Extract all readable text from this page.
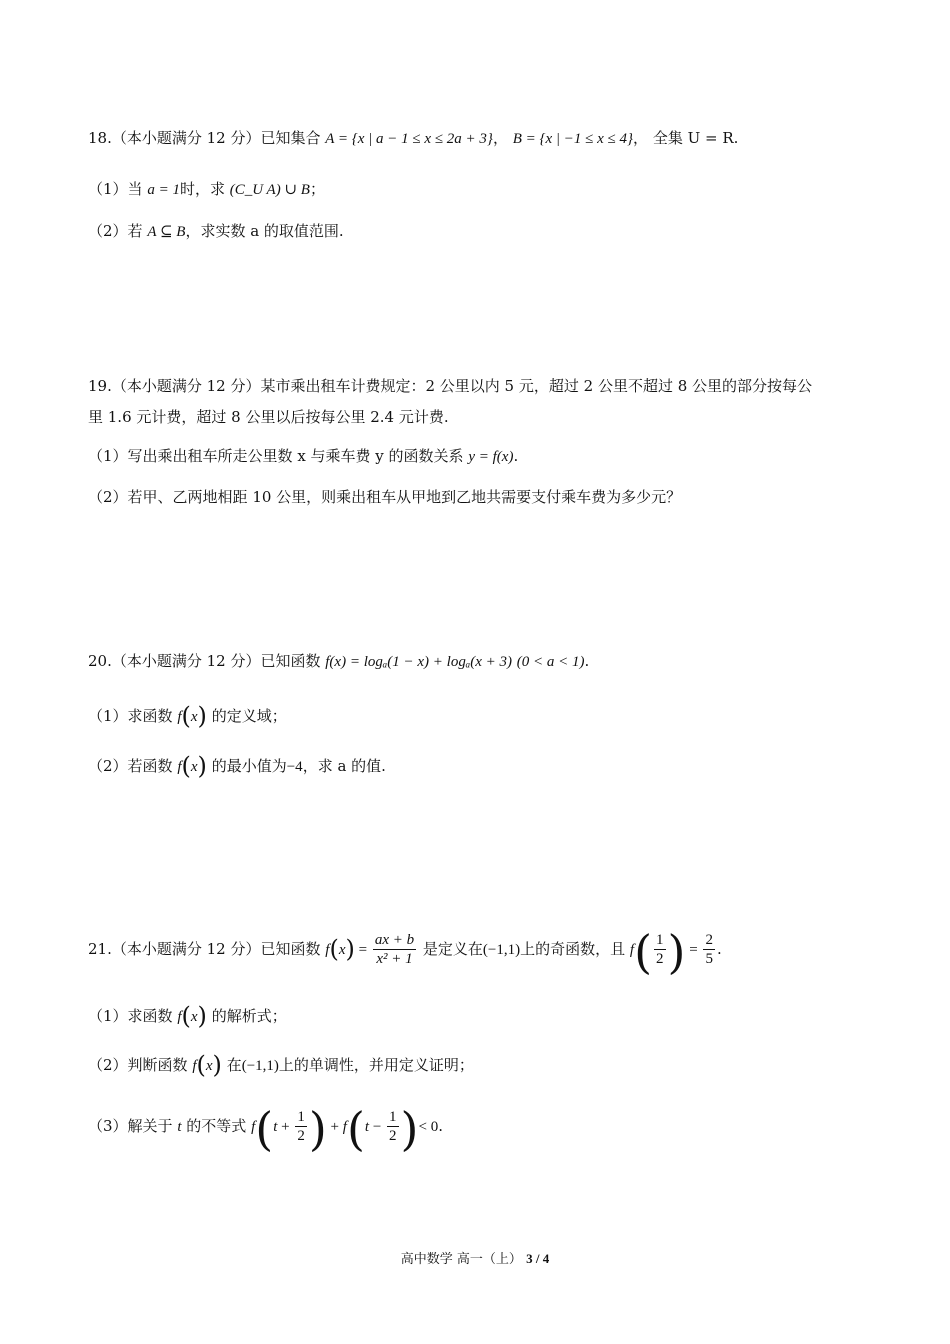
18.（本小题满分 12 分）已知集合 A = {x | a − 1 ≤ x ≤ 2a + 3}， B = {x | −1 ≤ x ≤ 4}， 全集 U = R.
（1）当 a = 1时，求 (C_U A) ∪ B；
（2）若 A ⊆ B，求实数 a 的取值范围.
19.（本小题满分 12 分）某市乘出租车计费规定：2 公里以内 5 元，超过 2 公里不超过 8 公里的部分按每公
里 1.6 元计费，超过 8 公里以后按每公里 2.4 元计费.
（1）写出乘出租车所走公里数 x 与乘车费 y 的函数关系 y = f(x).
（2）若甲、乙两地相距 10 公里，则乘出租车从甲地到乙地共需要支付乘车费为多少元？
20.（本小题满分 12 分）已知函数 f(x) = logₐ(1 − x) + logₐ(x + 3) (0 < a < 1).
（1）求函数 f(x) 的定义域；
（2）若函数 f(x) 的最小值为−4，求 a 的值.
21.（本小题满分 12 分）已知函数 $f(x) = \frac{ax + b}{\text{x² + 1}}$ 是定义在(−1,1)上的奇函数，且 $f( \frac{1}{2}$ ) = $\frac{2}{5}$ .
（1）求函数 f(x) 的解析式；
（2）判断函数 f(x) 在(−1,1)上的单调性，并用定义证明；
（3）解关于 t 的不等式 $f(t + \frac{1}{2}$ ) + $f(t - \frac{1}{2}$ )< 0.
高中数学 高一（上） 3 / 4
